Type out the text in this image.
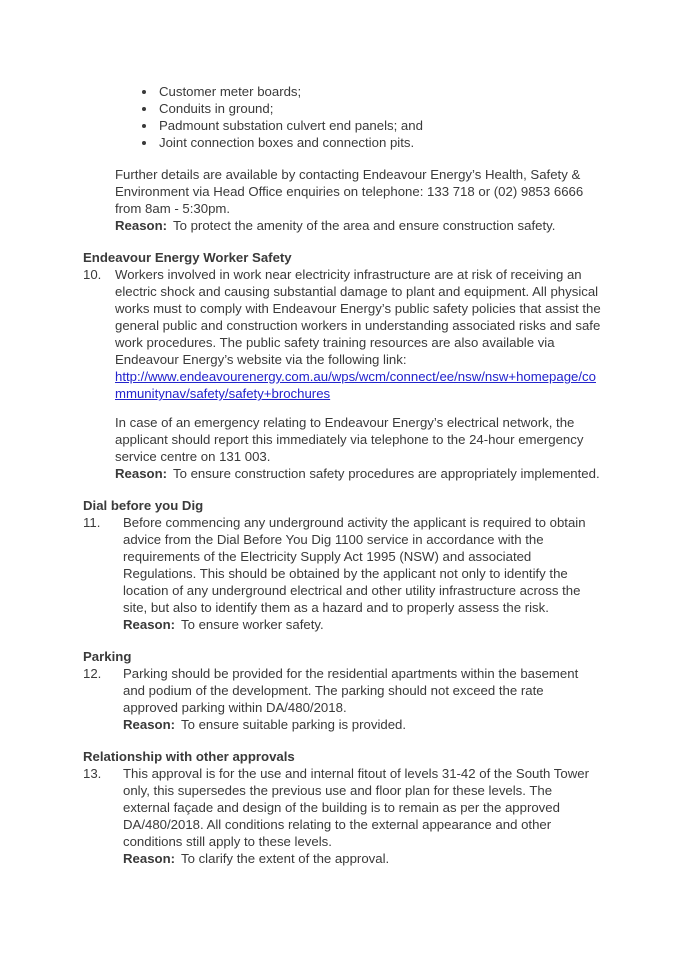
• Customer meter boards;
• Conduits in ground;
• Padmount substation culvert end panels; and
• Joint connection boxes and connection pits.

Further details are available by contacting Endeavour Energy’s Health, Safety & Environment via Head Office enquiries on telephone: 133 718 or (02) 9853 6666 from 8am - 5:30pm.

Reason: To protect the amenity of the area and ensure construction safety.

Endeavour Energy Worker Safety

10.	Workers involved in work near electricity infrastructure are at risk of receiving an electric shock and causing substantial damage to plant and equipment. All physical works must to comply with Endeavour Energy’s public safety policies that assist the general public and construction workers in understanding associated risks and safe work procedures. The public safety training resources are also available via Endeavour Energy’s website via the following link:

http://www.endeavourenergy.com.au/wps/wcm/connect/ee/nsw/nsw+homepage/communitynav/safety/safety+brochures

In case of an emergency relating to Endeavour Energy’s electrical network, the applicant should report this immediately via telephone to the 24-hour emergency service centre on 131 003.

Reason: To ensure construction safety procedures are appropriately implemented.

Dial before you Dig

11.	Before commencing any underground activity the applicant is required to obtain advice from the Dial Before You Dig 1100 service in accordance with the requirements of the Electricity Supply Act 1995 (NSW) and associated Regulations. This should be obtained by the applicant not only to identify the location of any underground electrical and other utility infrastructure across the site, but also to identify them as a hazard and to properly assess the risk.

Reason: To ensure worker safety.

Parking

12.	Parking should be provided for the residential apartments within the basement and podium of the development. The parking should not exceed the rate approved parking within DA/480/2018.

Reason: To ensure suitable parking is provided.

Relationship with other approvals

13.	This approval is for the use and internal fitout of levels 31-42 of the South Tower only, this supersedes the previous use and floor plan for these levels. The external façade and design of the building is to remain as per the approved DA/480/2018. All conditions relating to the external appearance and other conditions still apply to these levels.

Reason: To clarify the extent of the approval.
